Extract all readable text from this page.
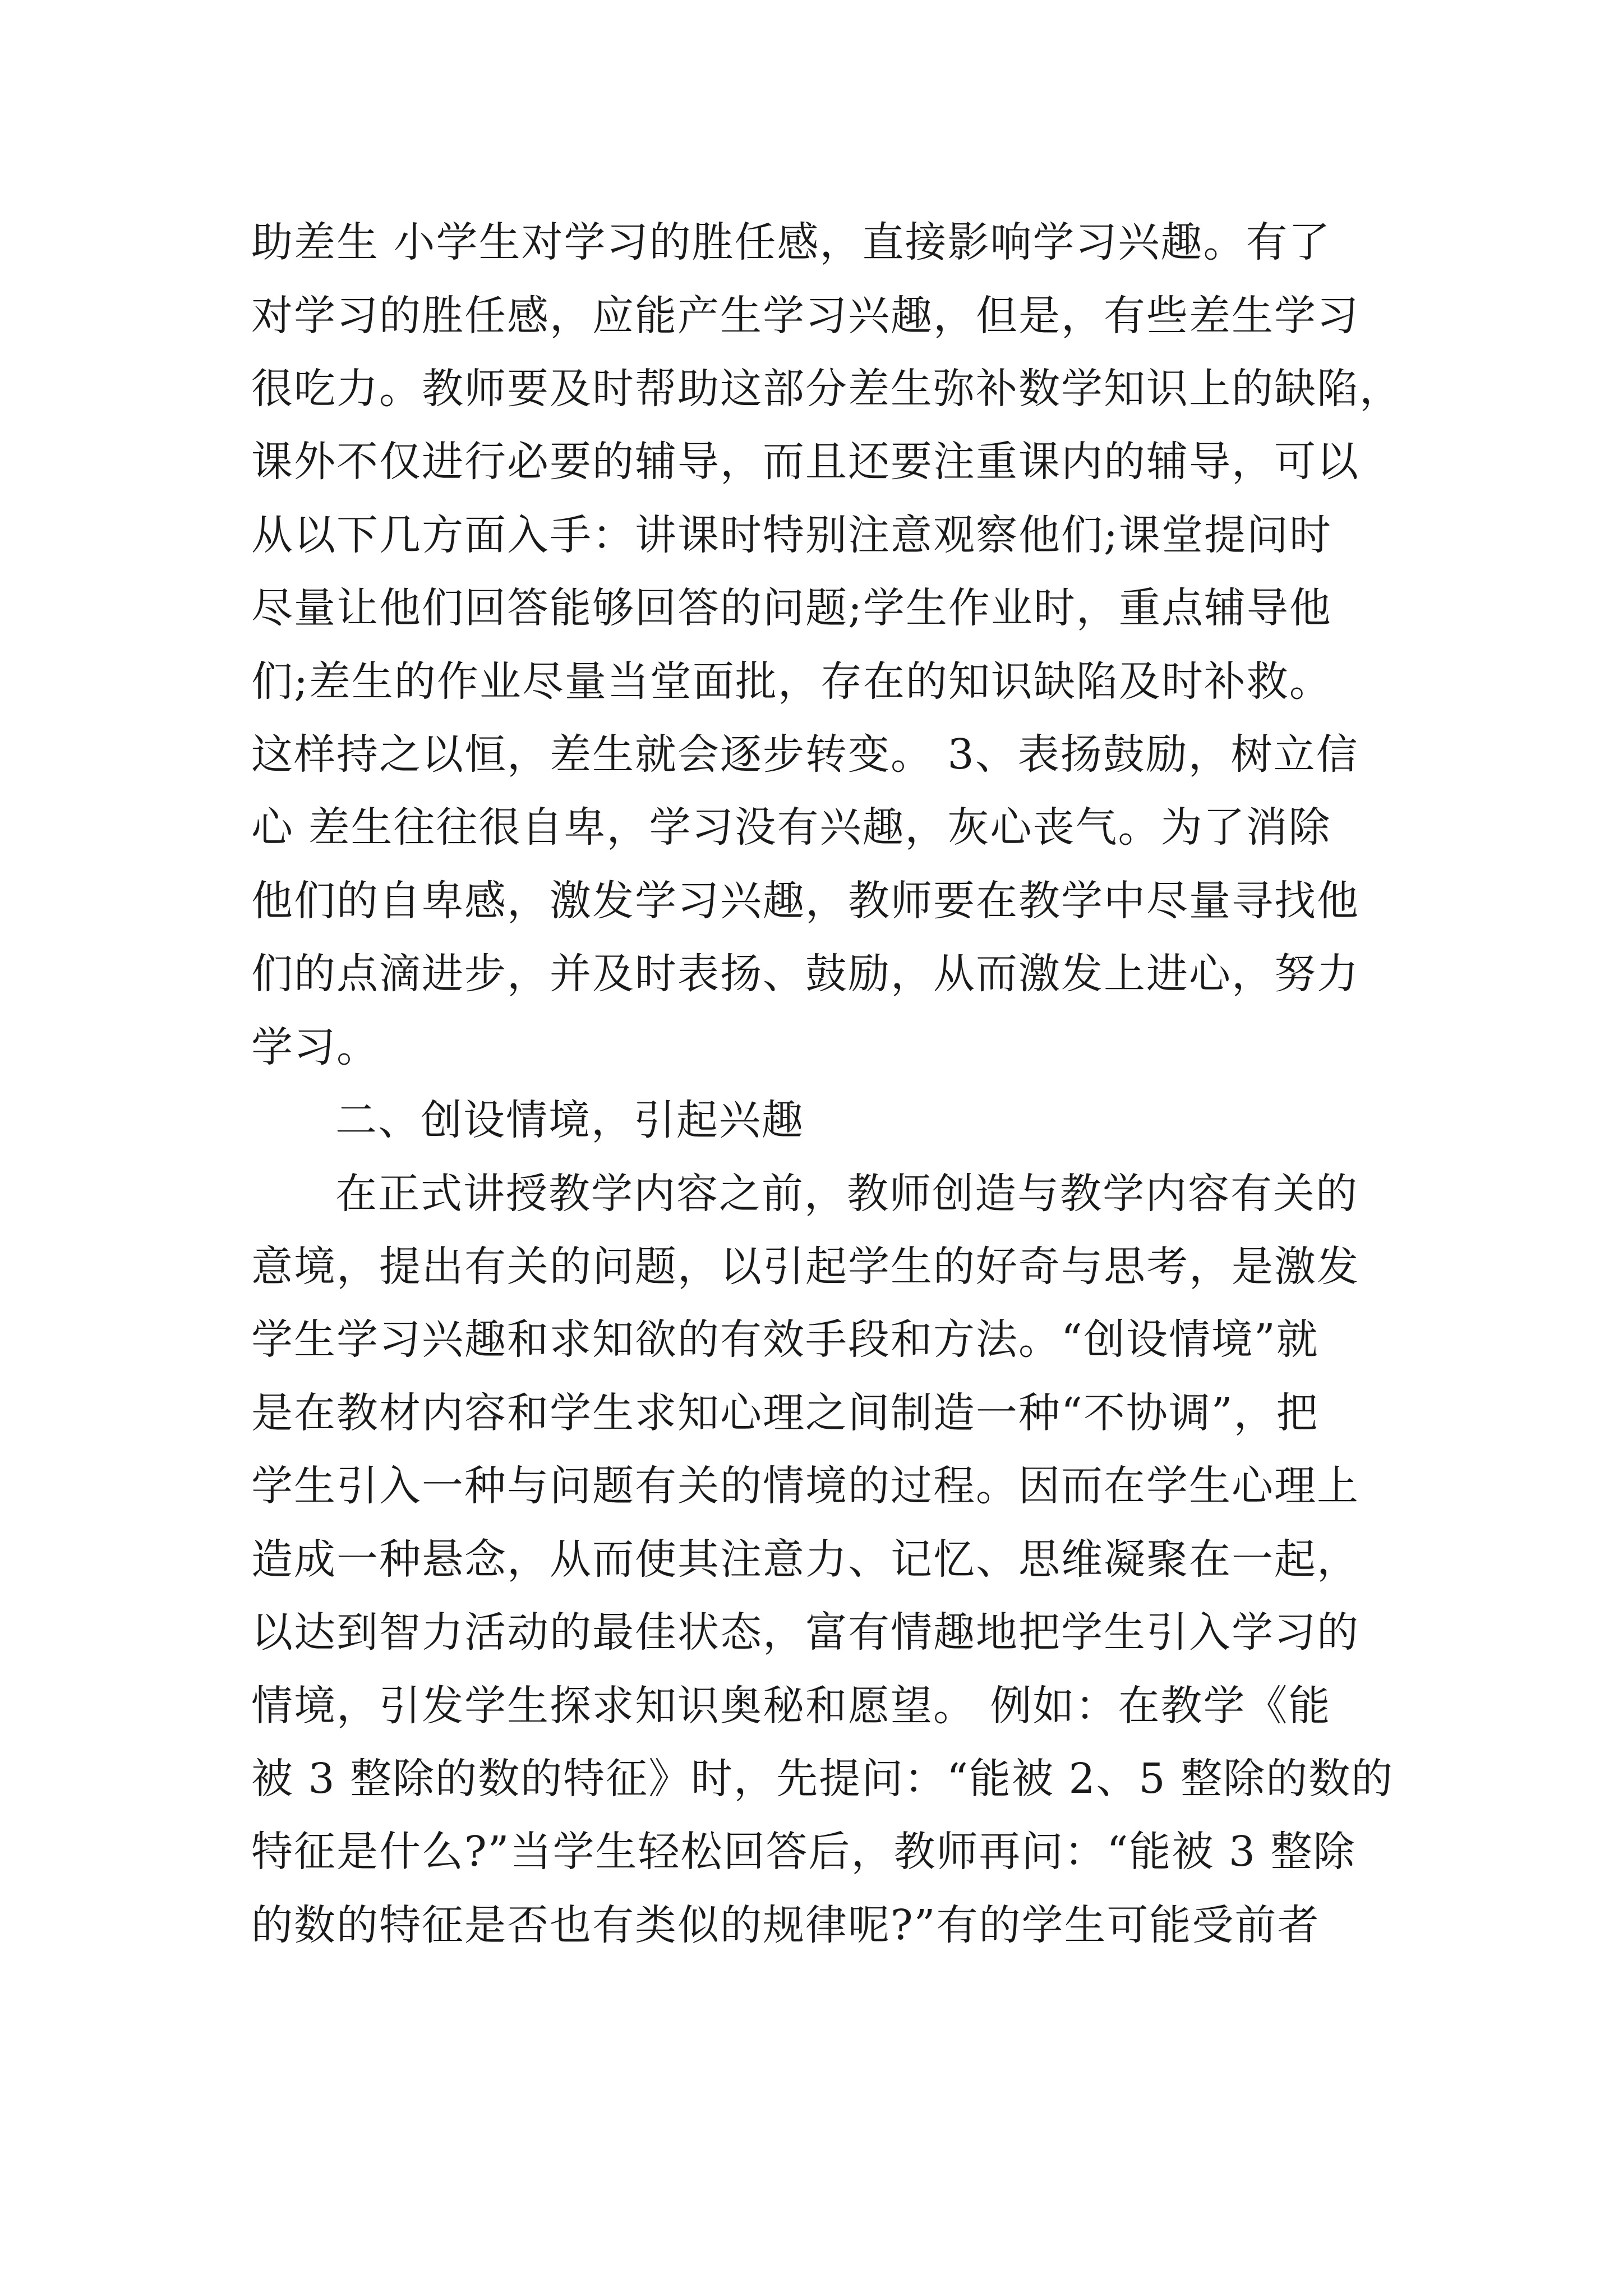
助差生 小学生对学习的胜任感，直接影响学习兴趣。有了
对学习的胜任感，应能产生学习兴趣，但是，有些差生学习
很吃力。教师要及时帮助这部分差生弥补数学知识上的缺陷，
课外不仅进行必要的辅导，而且还要注重课内的辅导，可以
从以下几方面入手：讲课时特别注意观察他们;课堂提问时
尽量让他们回答能够回答的问题;学生作业时，重点辅导他
们;差生的作业尽量当堂面批，存在的知识缺陷及时补救。
这样持之以恒，差生就会逐步转变。 3、表扬鼓励，树立信
心 差生往往很自卑，学习没有兴趣，灰心丧气。为了消除
他们的自卑感，激发学习兴趣，教师要在教学中尽量寻找他
们的点滴进步，并及时表扬、鼓励，从而激发上进心，努力
学习。
二、创设情境，引起兴趣
在正式讲授教学内容之前，教师创造与教学内容有关的
意境，提出有关的问题，以引起学生的好奇与思考，是激发
学生学习兴趣和求知欲的有效手段和方法。“创设情境”就
是在教材内容和学生求知心理之间制造一种“不协调”，把
学生引入一种与问题有关的情境的过程。因而在学生心理上
造成一种悬念，从而使其注意力、记忆、思维凝聚在一起，
以达到智力活动的最佳状态，富有情趣地把学生引入学习的
情境，引发学生探求知识奥秘和愿望。 例如：在教学《能
被 3 整除的数的特征》时，先提问：“能被 2、5 整除的数的
特征是什么?”当学生轻松回答后，教师再问：“能被 3 整除
的数的特征是否也有类似的规律呢?”有的学生可能受前者
